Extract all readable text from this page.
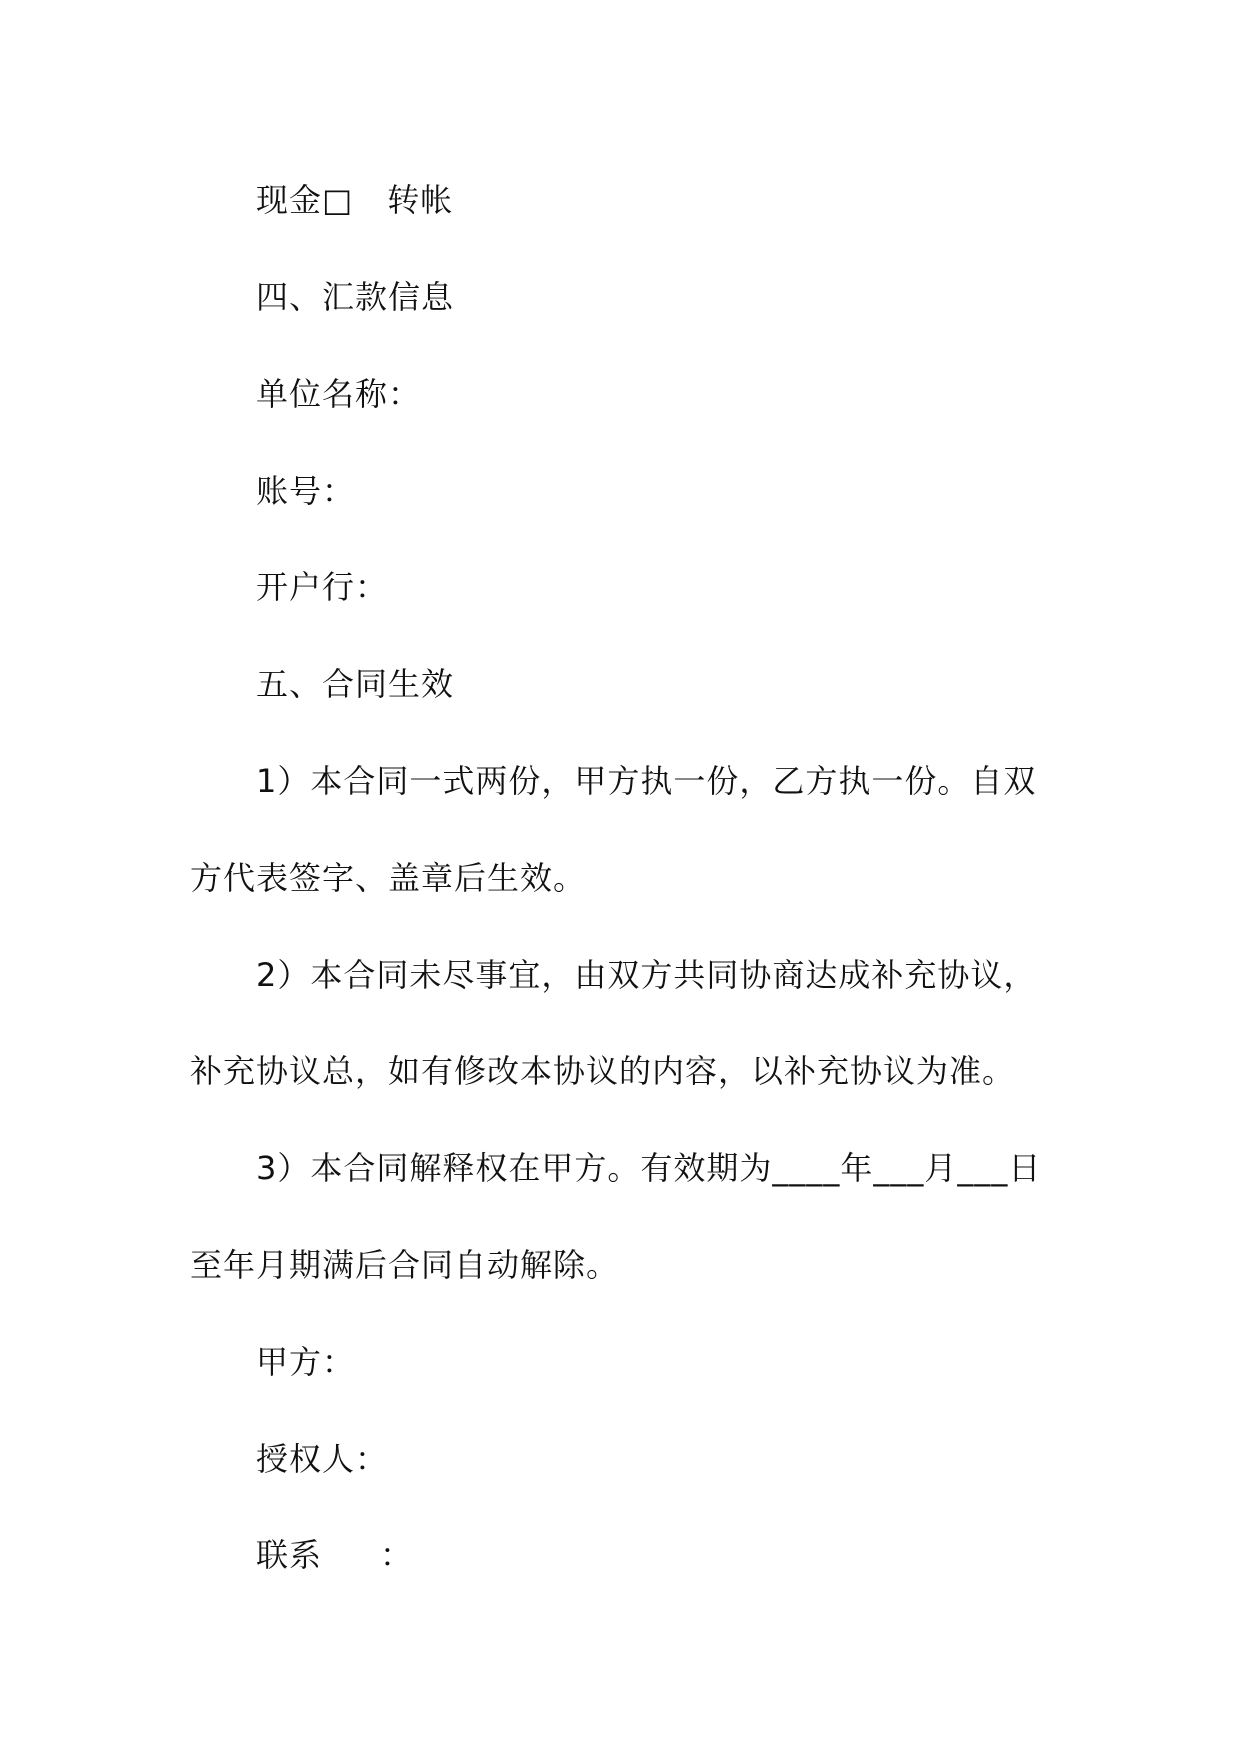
现金□ 转帐
四、汇款信息
单位名称：
账号：
开户行：
五、合同生效
1）本合同一式两份，甲方执一份，乙方执一份。自双
方代表签字、盖章后生效。
2）本合同未尽事宜，由双方共同协商达成补充协议，
补充协议总，如有修改本协议的内容，以补充协议为准。
3）本合同解释权在甲方。有效期为____年___月___日
至年月期满后合同自动解除。
甲方：
授权人：
联系 ：
